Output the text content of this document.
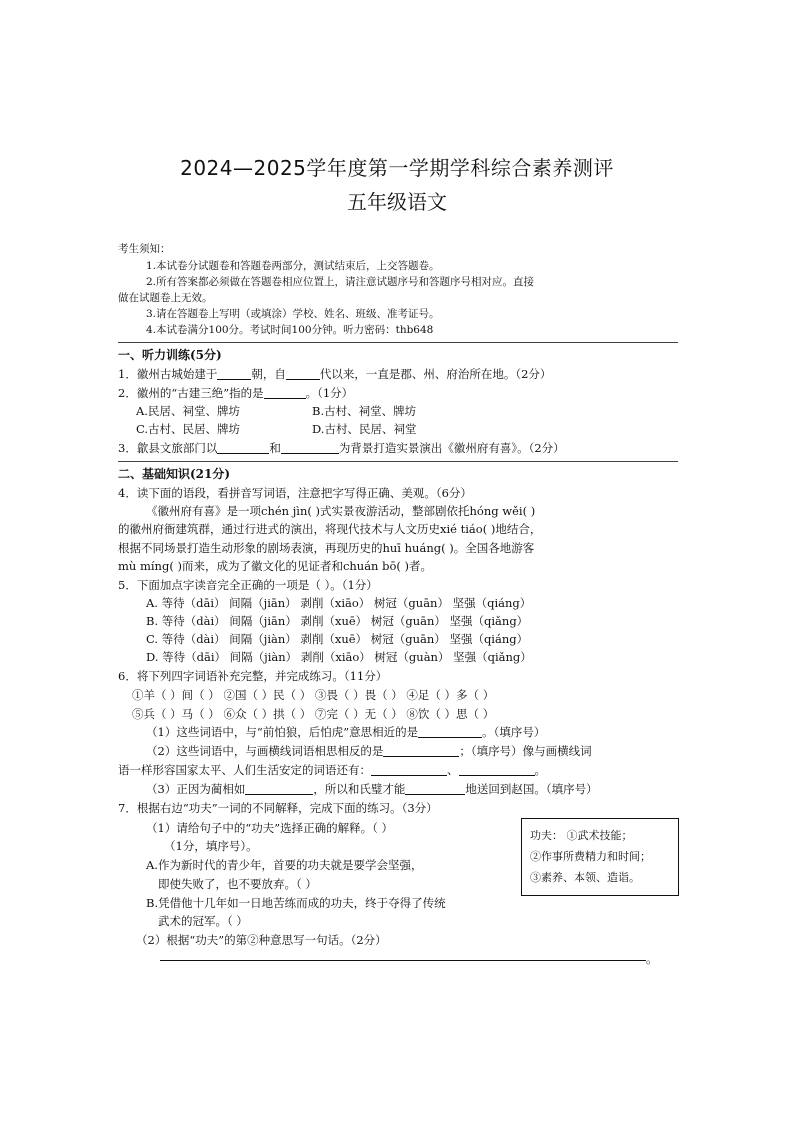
2024—2025学年度第一学期学科综合素养测评
五年级语文
考生须知：
1.本试卷分试题卷和答题卷两部分，测试结束后，上交答题卷。
2.所有答案都必须做在答题卷相应位置上，请注意试题序号和答题序号相对应。直接
做在试题卷上无效。
3.请在答题卷上写明（或填涂）学校、姓名、班级、准考证号。
4.本试卷满分100分。考试时间100分钟。听力密码：thb648
一、听力训练(5分)
1．徽州古城始建于	朝，自	代以来，一直是郡、州、府治所在地。（2分）
2．徽州的“古建三绝”指的是	。（1分）
A.民居、祠堂、牌坊	B.古村、祠堂、牌坊
C.古村、民居、牌坊	D.古村、民居、祠堂
3．歙县文旅部门以	和	为背景打造实景演出《徽州府有喜》。（2分）
二、基础知识(21分)
4．读下面的语段，看拼音写词语，注意把字写得正确、美观。（6分）
《徽州府有喜》是一项chén jìn( )式实景夜游活动，整部剧依托hóng wěi( )
的徽州府衙建筑群，通过行进式的演出，将现代技术与人文历史xié tiáo( )地结合，
根据不同场景打造生动形象的剧场表演，再现历史的huī huáng( )。全国各地游客
mù míng( )而来，成为了徽文化的见证者和chuán bō( )者。
5．下面加点字读音完全正确的一项是（ ）。（1分）
A. 等待（dāi） 间隔（jiān） 剥削（xiāo） 树冠（guān） 坚强（qiáng）
B. 等待（dài） 间隔（jiān） 剥削（xuē） 树冠（guān） 坚强（qiǎng）
C. 等待（dài） 间隔（jiàn） 剥削（xuē） 树冠（guān） 坚强（qiáng）
D. 等待（dāi） 间隔（jiàn） 剥削（xiāo） 树冠（guàn） 坚强（qiǎng）
6．将下列四字词语补充完整，并完成练习。（11分）
①羊（ ）间（ ） ②国（ ）民（ ） ③畏（ ）畏（ ） ④足（ ）多（ ）
⑤兵（ ）马（ ） ⑥众（ ）拱（ ） ⑦完（ ）无（ ） ⑧饮（ ）思（ ）
（1）这些词语中，与“前怕狼，后怕虎”意思相近的是	。（填序号）
（2）这些词语中，与画横线词语相思相反的是	；（填序号）像与画横线词
语一样形容国家太平、人们生活安定的词语还有：	、	。
（3）正因为蔺相如	，所以和氏璧才能	地送回到赵国。（填序号）
7．根据右边“功夫”一词的不同解释，完成下面的练习。（3分）
（1）请给句子中的“功夫”选择正确的解释。（ ）
（1分，填序号）。
A.作为新时代的青少年，首要的功夫就是要学会坚强，
即使失败了，也不要放弃。（ ）
B.凭借他十几年如一日地苦练而成的功夫，终于夺得了传统
武术的冠军。（ ）
（2）根据“功夫”的第②种意思写一句话。（2分）
。
功夫： ①武术技能；
②作事所费精力和时间；
③素养、本领、造诣。
